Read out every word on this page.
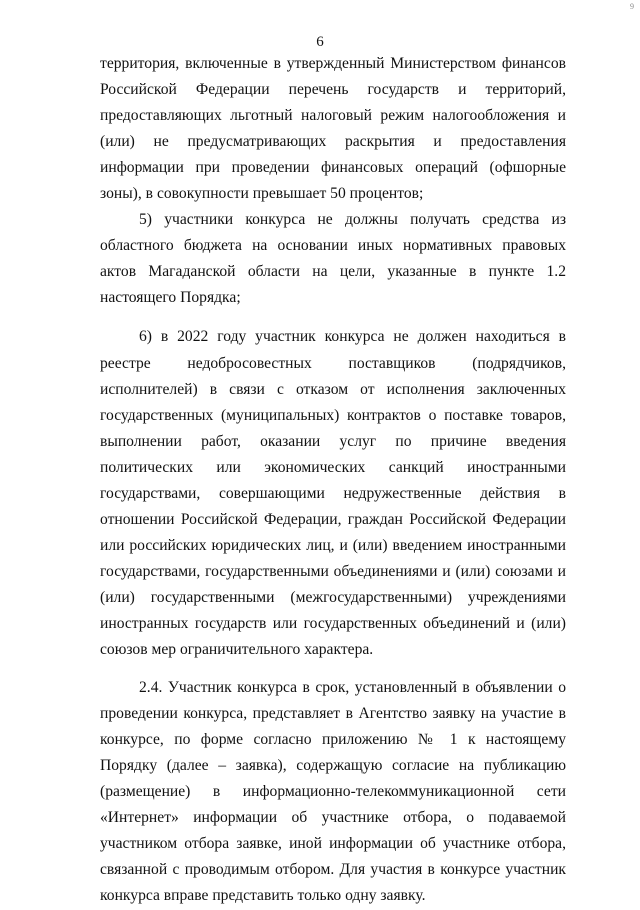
9
6

территория, включенные в утвержденный Министерством финансов Российской Федерации перечень государств и территорий, предоставляющих льготный налоговый режим налогообложения и (или) не предусматривающих раскрытия и предоставления информации при проведении финансовых операций (офшорные зоны), в совокупности превышает 50 процентов;

5) участники конкурса не должны получать средства из областного бюджета на основании иных нормативных правовых актов Магаданской области на цели, указанные в пункте 1.2 настоящего Порядка;

6) в 2022 году участник конкурса не должен находиться в реестре недобросовестных поставщиков (подрядчиков, исполнителей) в связи с отказом от исполнения заключенных государственных (муниципальных) контрактов о поставке товаров, выполнении работ, оказании услуг по причине введения политических или экономических санкций иностранными государствами, совершающими недружественные действия в отношении Российской Федерации, граждан Российской Федерации или российских юридических лиц, и (или) введением иностранными государствами, государственными объединениями и (или) союзами и (или) государственными (межгосударственными) учреждениями иностранных государств или государственных объединений и (или) союзов мер ограничительного характера.

2.4. Участник конкурса в срок, установленный в объявлении о проведении конкурса, представляет в Агентство заявку на участие в конкурсе, по форме согласно приложению № 1 к настоящему Порядку (далее – заявка), содержащую согласие на публикацию (размещение) в информационно-телекоммуникационной сети «Интернет» информации об участнике отбора, о подаваемой участником отбора заявке, иной информации об участнике отбора, связанной с проводимым отбором. Для участия в конкурсе участник конкурса вправе представить только одну заявку.
